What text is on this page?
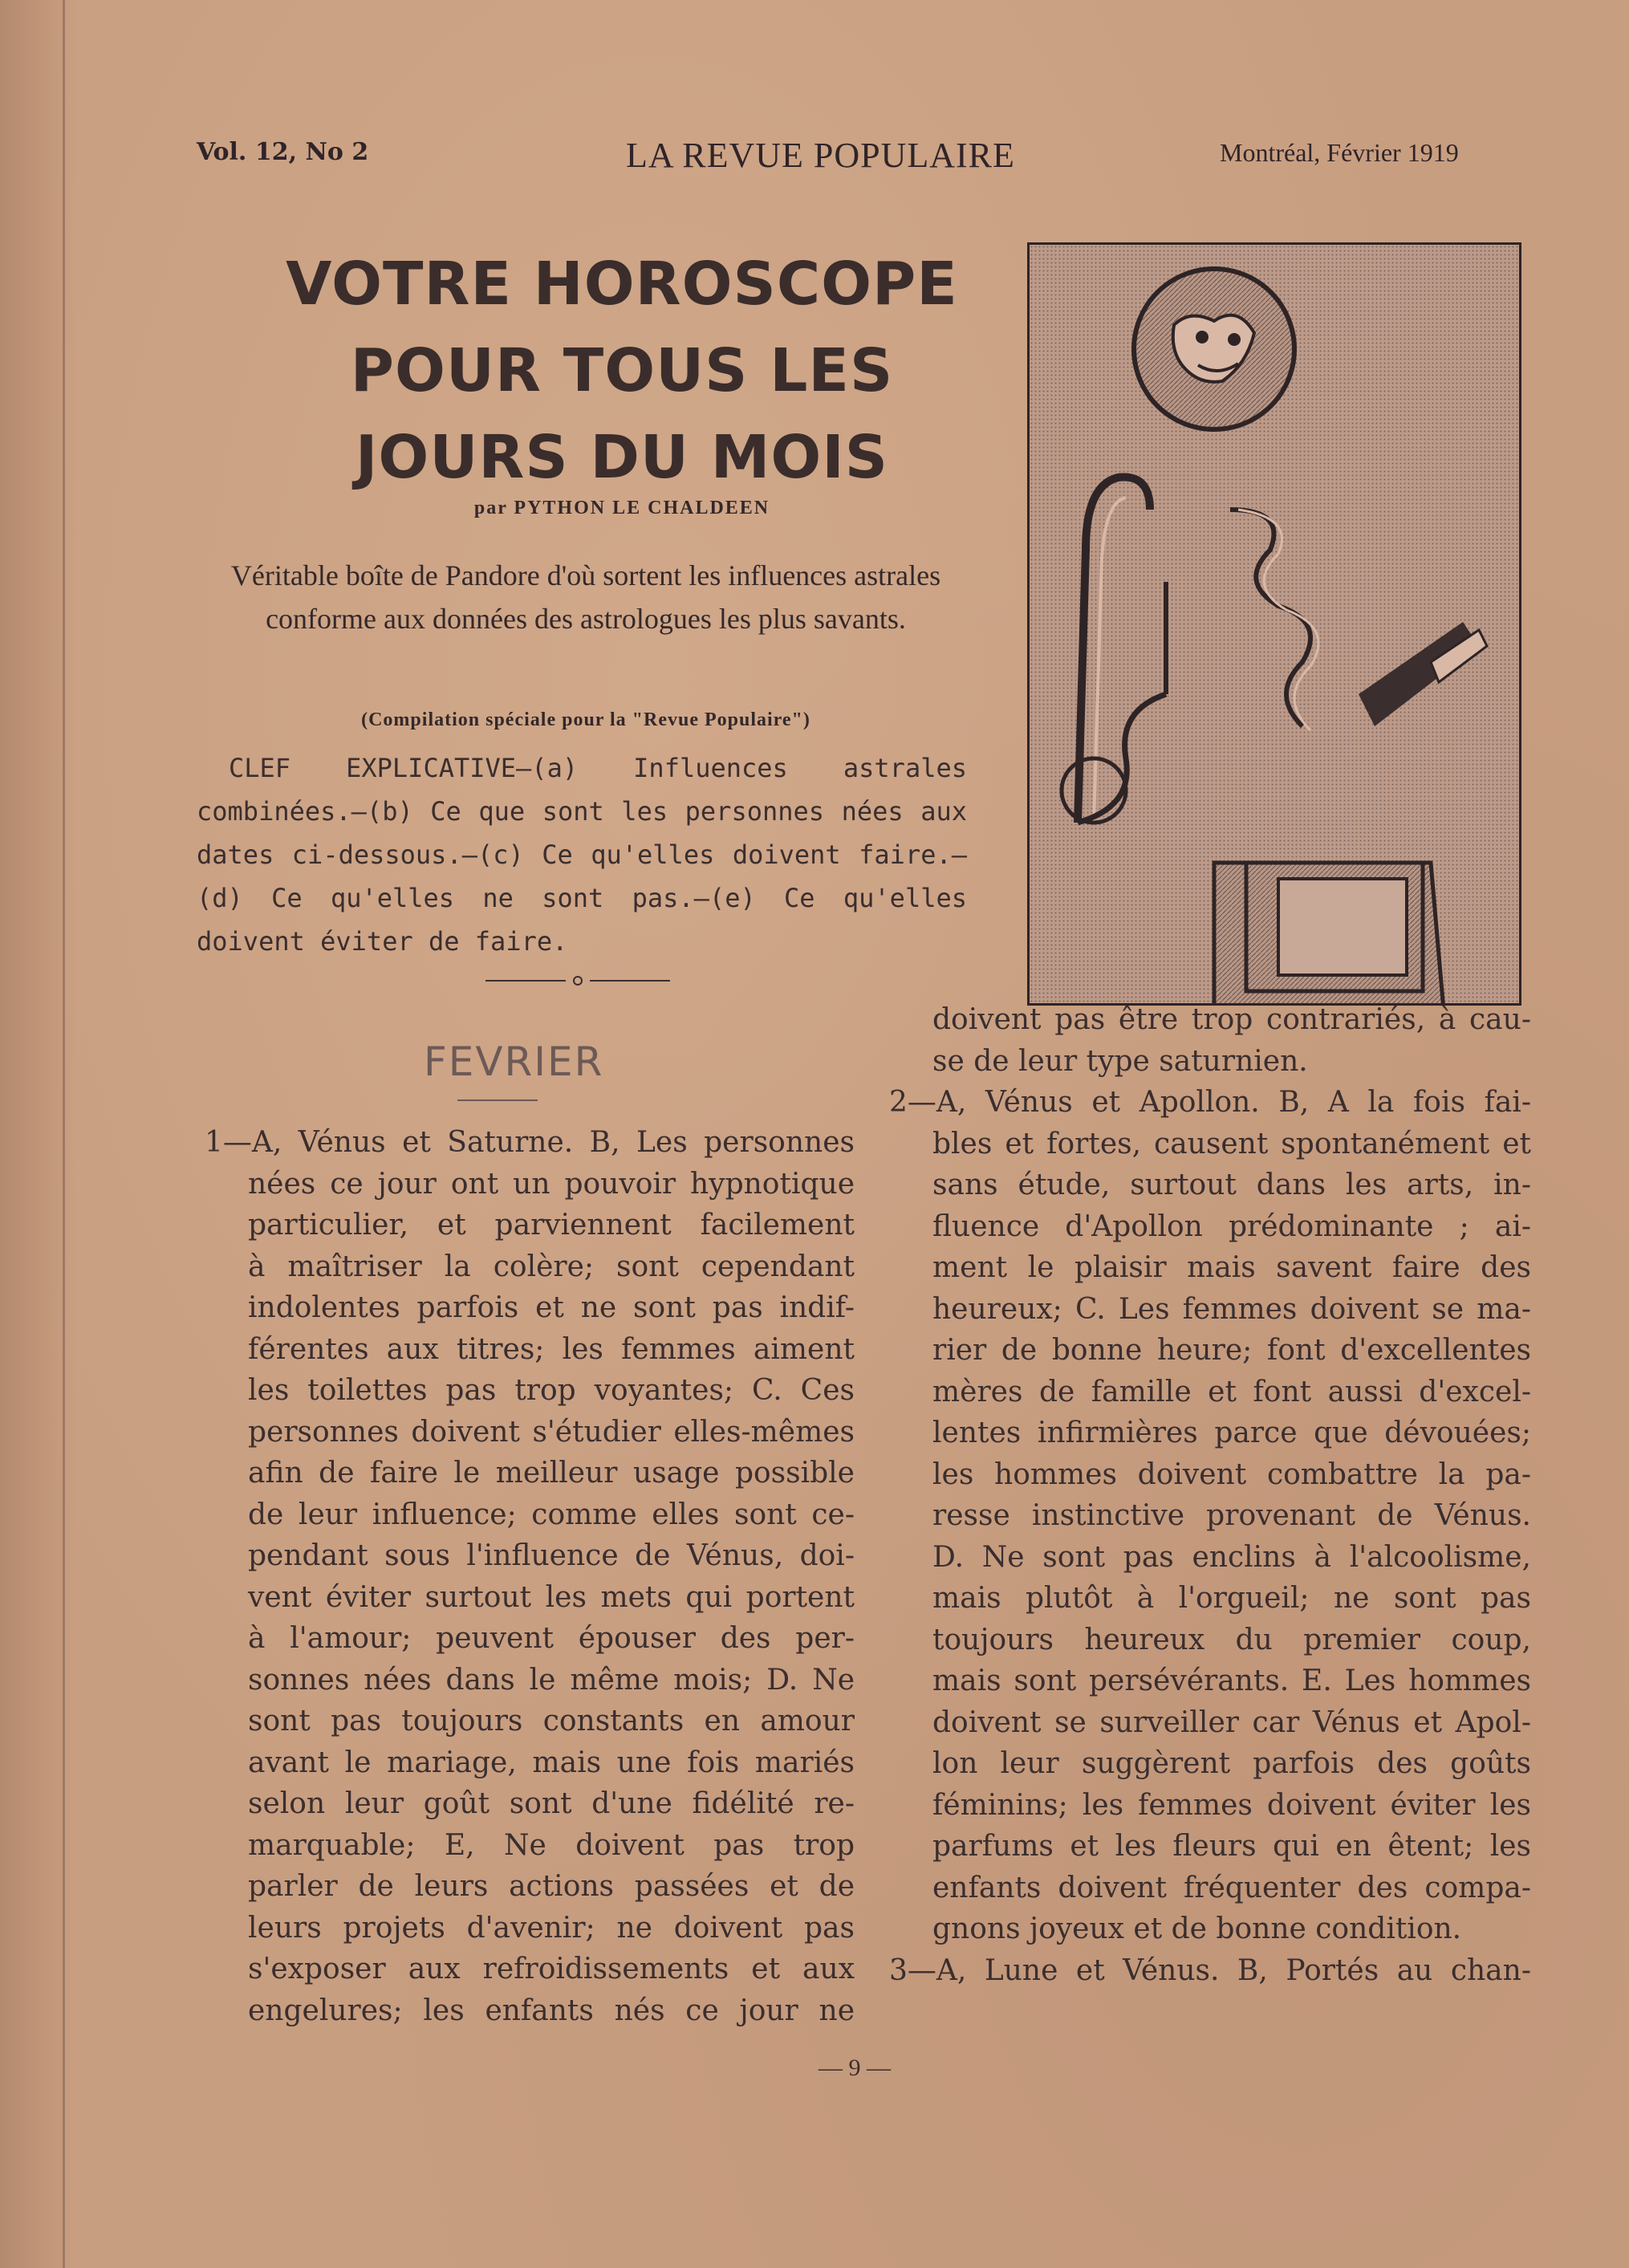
Vol. 12, No 2	LA REVUE POPULAIRE	Montréal, Février 1919
VOTRE HOROSCOPE
POUR TOUS LES
JOURS DU MOIS
par PYTHON LE CHALDEEN
Véritable boîte de Pandore d'où sortent les influences astrales conforme aux données des astrologues les plus savants.
(Compilation spéciale pour la "Revue Populaire")
CLEF EXPLICATIVE—(a) Influences astrales combinées.—(b) Ce que sont les personnes nées aux dates ci-dessous.—(c) Ce qu'elles doivent faire.—(d) Ce qu'elles ne sont pas.—(e) Ce qu'elles doivent éviter de faire.
FEVRIER
1—A, Vénus et Saturne. B, Les personnes
nées ce jour ont un pouvoir hypnotique
particulier, et parviennent facilement
à maîtriser la colère; sont cependant
indolentes parfois et ne sont pas indif-
férentes aux titres; les femmes aiment
les toilettes pas trop voyantes; C. Ces
personnes doivent s'étudier elles-mêmes
afin de faire le meilleur usage possible
de leur influence; comme elles sont ce-
pendant sous l'influence de Vénus, doi-
vent éviter surtout les mets qui portent
à l'amour; peuvent épouser des per-
sonnes nées dans le même mois; D. Ne
sont pas toujours constants en amour
avant le mariage, mais une fois mariés
selon leur goût sont d'une fidélité re-
marquable; E, Ne doivent pas trop
parler de leurs actions passées et de
leurs projets d'avenir; ne doivent pas
s'exposer aux refroidissements et aux
engelures; les enfants nés ce jour ne
doivent pas être trop contrariés, à cau-
se de leur type saturnien.
2—A, Vénus et Apollon. B, A la fois fai-
bles et fortes, causent spontanément et
sans étude, surtout dans les arts, in-
fluence d'Apollon prédominante ; ai-
ment le plaisir mais savent faire des
heureux; C. Les femmes doivent se ma-
rier de bonne heure; font d'excellentes
mères de famille et font aussi d'excel-
lentes infirmières parce que dévouées;
les hommes doivent combattre la pa-
resse instinctive provenant de Vénus.
D. Ne sont pas enclins à l'alcoolisme,
mais plutôt à l'orgueil; ne sont pas
toujours heureux du premier coup,
mais sont persévérants. E. Les hommes
doivent se surveiller car Vénus et Apol-
lon leur suggèrent parfois des goûts
féminins; les femmes doivent éviter les
parfums et les fleurs qui en êtent; les
enfants doivent fréquenter des compa-
gnons joyeux et de bonne condition.
3—A, Lune et Vénus. B, Portés au chan-
— 9 —
